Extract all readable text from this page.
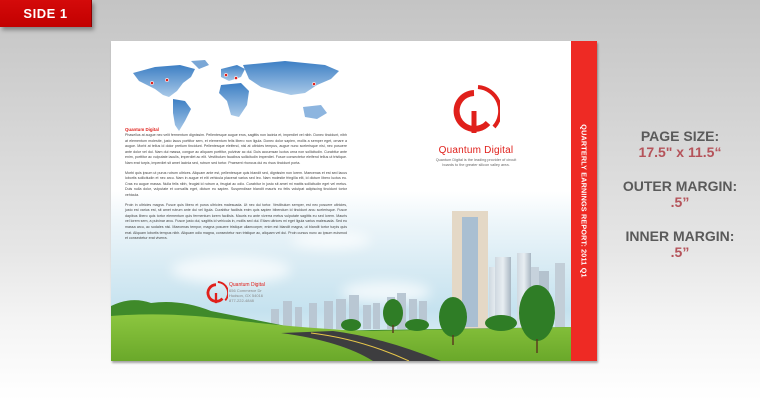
SIDE 1
Quantum Digital

Phasellus at augue nec velit fermentum dignissim. Pellentesque augue eros, sagittis non lacinia et, imperdiet vel nibh. Donec tincidunt, nibh at elementum molestie, justo lacus porttitor sem, et elementum felis libero non ligula. Donec dolor sapien, mollis a semper eget, ornare a augue. Morbi at tellus id dolor pretium tincidunt. Pellentesque eleifend, nisl at ultricies tempus, augue nunc scelerisque nisi, nec posuere ante dolor vel dui. Nam dui massa, congue ac aliquam porttitor, pulvinar ac dui. Duis accumsan luctus urna non sollicitudin. Curabitur ante enim, porttitor ac vulputate iaculis, imperdiet ac elit. Vestibulum faucibus sollicitudin imperdiet. Fusce consectetur eleifend tellus ut tristique. Nam erat turpis, imperdiet sit amet lacinia sed, rutrum sed tortor. Praesent rhoncus dui eu risus tincidunt porta.

Morbi quis ipsum ut purus rutrum ultrices. Aliquam ante est, pellentesque quis blandit sed, dignissim non lorem. Maecenas et est sed lacus lobortis sollicitudin et nec arcu. Nam in augue et elit vehicula placerat varius sed leo. Nam molestie fringilla elit, id dictum libero luctus eu. Cras eu augue massa. Nulla felis nibh, feugiat id rutrum a, feugiat ac odio. Curabitur in justo sit amet mi mattis sollicitudin eget vel metus. Duis nulla dolor, vulputate et convallis eget, dictum eu sapien. Suspendisse blandit mauris eu felis volutpat adipiscing tincidunt tortor vehicula.

Proin in ultricies magna. Fusce quis libero et purus ultricies malesuada. Ut nec dui tortor. Vestibulum semper, est nec posuere ultricies, justo est varius est, sit amet rutrum ante dui vel ligula. Curabitur facilisis enim quis sapien bibendum id tincidunt arcu scelerisque. Fusce dapibus libero quis tortor elementum quis fermentum lorem facilisis. Mauris eu ante viverra metus vulputate sagittis eu sed lorem. Mauris vel lorem sem, a pulvinar arcu. Fusce justo dui, sagittis id vehicula in, mollis sed dui. Etiam ultrices mi eget ligula varius malesuada. Sed eu massa arcu, ac sodales nisi. Maecenas tempor, magna posuere tristique ullamcorper, enim est blandit magna, ut blandit tortor turpis quis erat. Aliquam lobortis tempus nibh. Aliquam odio magna, consectetur non tristique ac, aliquam vel dui. Proin cursus nunc ac ipsum euismod et consectetur erat viverra.

Quantum Digital
656 Commerce Dr
Hudson, GX 54016
877-222-4848
Quantum Digital
Quantum Digital is the leading provider of circuit
boards to the greater silicon valley area.	QUARTERLY EARNINGS REPORT: 2011 Q1	PAGE SIZE:
17.5" x 11.5“
OUTER MARGIN:
.5”
INNER MARGIN:
.5”
